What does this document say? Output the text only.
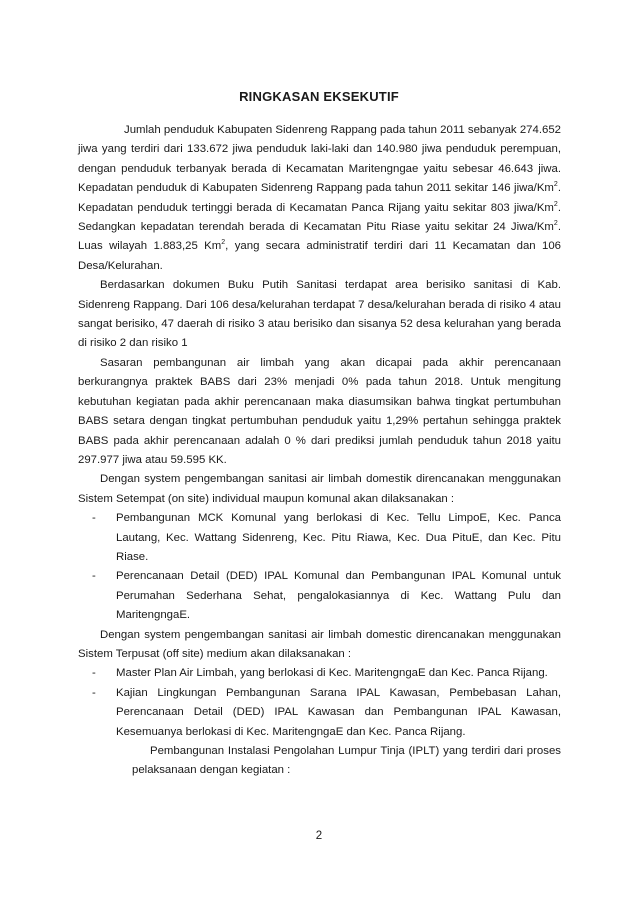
RINGKASAN EKSEKUTIF

Jumlah penduduk Kabupaten Sidenreng Rappang pada tahun 2011 sebanyak 274.652 jiwa yang terdiri dari 133.672 jiwa penduduk laki-laki dan 140.980 jiwa penduduk perempuan, dengan penduduk terbanyak berada di Kecamatan Maritengngae yaitu sebesar 46.643 jiwa. Kepadatan penduduk di Kabupaten Sidenreng Rappang pada tahun 2011 sekitar 146 jiwa/Km$^2$. Kepadatan penduduk tertinggi berada di Kecamatan Panca Rijang yaitu sekitar 803 jiwa/Km$^2$. Sedangkan kepadatan terendah berada di Kecamatan Pitu Riase yaitu sekitar 24 Jiwa/Km$^2$. Luas wilayah 1.883,25 Km$^2$, yang secara administratif terdiri dari 11 Kecamatan dan 106 Desa/Kelurahan.

Berdasarkan dokumen Buku Putih Sanitasi terdapat area berisiko sanitasi di Kab. Sidenreng Rappang. Dari 106 desa/kelurahan terdapat 7 desa/kelurahan berada di risiko 4 atau sangat berisiko, 47 daerah di risiko 3 atau berisiko dan sisanya 52 desa kelurahan yang berada di risiko 2 dan risiko 1

Sasaran pembangunan air limbah yang akan dicapai pada akhir perencanaan berkurangnya praktek BABS dari 23% menjadi 0% pada tahun 2018. Untuk mengitung kebutuhan kegiatan pada akhir perencanaan maka diasumsikan bahwa tingkat pertumbuhan BABS setara dengan tingkat pertumbuhan penduduk yaitu 1,29% pertahun sehingga praktek BABS pada akhir perencanaan adalah 0 % dari prediksi jumlah penduduk tahun 2018 yaitu 297.977 jiwa atau 59.595 KK.

Dengan system pengembangan sanitasi air limbah domestik direncanakan menggunakan Sistem Setempat (on site) individual maupun komunal akan dilaksanakan :

-	Pembangunan MCK Komunal yang berlokasi di Kec. Tellu LimpoE, Kec. Panca Lautang, Kec. Wattang Sidenreng, Kec. Pitu Riawa, Kec. Dua PituE, dan Kec. Pitu Riase.
-	Perencanaan Detail (DED) IPAL Komunal dan Pembangunan IPAL Komunal untuk Perumahan Sederhana Sehat, pengalokasiannya di Kec. Wattang Pulu dan MaritengngaE.

Dengan system pengembangan sanitasi air limbah domestic direncanakan menggunakan Sistem Terpusat (off site) medium akan dilaksanakan :

-	Master Plan Air Limbah, yang berlokasi di Kec. MaritengngaE dan Kec. Panca Rijang.
-	Kajian Lingkungan Pembangunan Sarana IPAL Kawasan, Pembebasan Lahan, Perencanaan Detail (DED) IPAL Kawasan dan Pembangunan IPAL Kawasan, Kesemuanya berlokasi di Kec. MaritengngaE dan Kec. Panca Rijang.

Pembangunan Instalasi Pengolahan Lumpur Tinja (IPLT) yang terdiri dari proses pelaksanaan dengan kegiatan :

2
